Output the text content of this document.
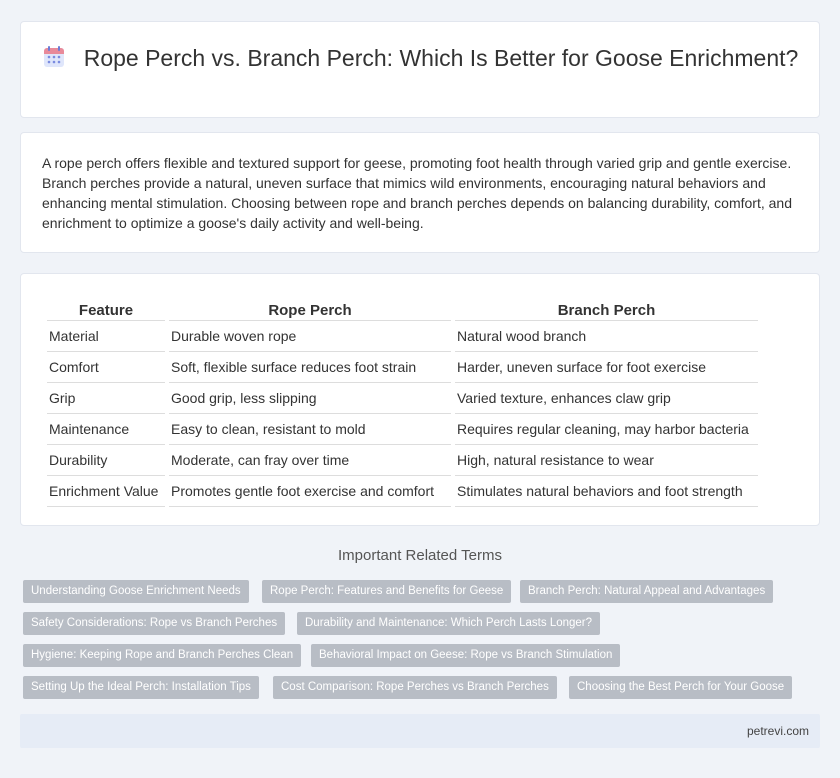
Rope Perch vs. Branch Perch: Which Is Better for Goose Enrichment?

A rope perch offers flexible and textured support for geese, promoting foot health through varied grip and gentle exercise. Branch perches provide a natural, uneven surface that mimics wild environments, encouraging natural behaviors and enhancing mental stimulation. Choosing between rope and branch perches depends on balancing durability, comfort, and enrichment to optimize a goose's daily activity and well-being.

Feature	Rope Perch	Branch Perch
Material	Durable woven rope	Natural wood branch
Comfort	Soft, flexible surface reduces foot strain	Harder, uneven surface for foot exercise
Grip	Good grip, less slipping	Varied texture, enhances claw grip
Maintenance	Easy to clean, resistant to mold	Requires regular cleaning, may harbor bacteria
Durability	Moderate, can fray over time	High, natural resistance to wear
Enrichment Value	Promotes gentle foot exercise and comfort	Stimulates natural behaviors and foot strength
Important Related Terms
Understanding Goose Enrichment Needs	Rope Perch: Features and Benefits for Geese	Branch Perch: Natural Appeal and Advantages
Safety Considerations: Rope vs Branch Perches	Durability and Maintenance: Which Perch Lasts Longer?
Hygiene: Keeping Rope and Branch Perches Clean	Behavioral Impact on Geese: Rope vs Branch Stimulation
Setting Up the Ideal Perch: Installation Tips	Cost Comparison: Rope Perches vs Branch Perches	Choosing the Best Perch for Your Goose
petrevi.com
